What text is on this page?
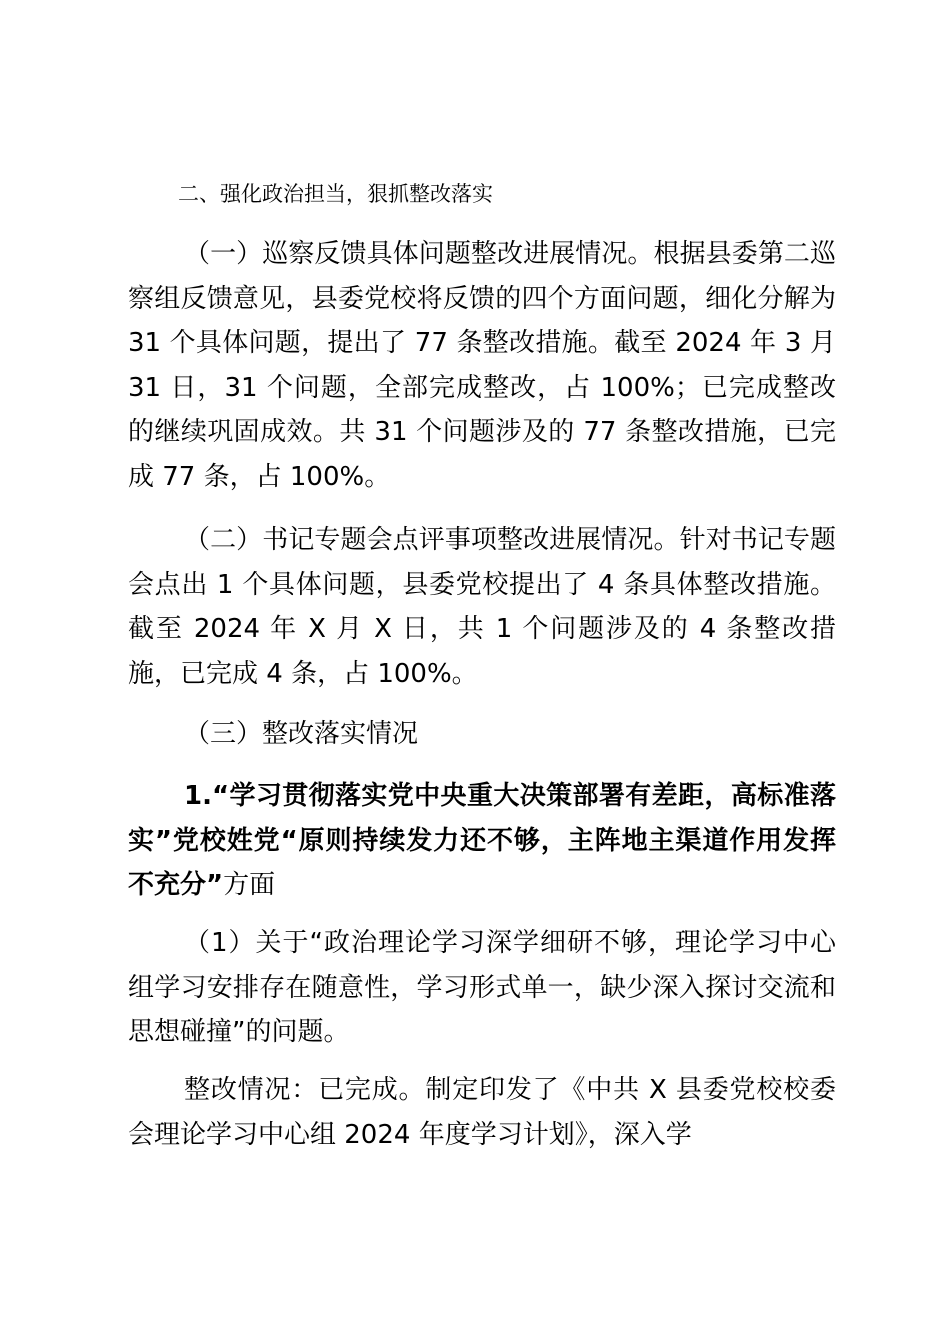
二、强化政治担当，狠抓整改落实
（一）巡察反馈具体问题整改进展情况。根据县委第二巡察组反馈意见，县委党校将反馈的四个方面问题，细化分解为 31 个具体问题，提出了 77 条整改措施。截至 2024 年 3 月 31 日，31 个问题，全部完成整改，占 100%；已完成整改的继续巩固成效。共 31 个问题涉及的 77 条整改措施，已完成 77 条，占 100%。
（二）书记专题会点评事项整改进展情况。针对书记专题会点出 1 个具体问题，县委党校提出了 4 条具体整改措施。截至 2024 年 X 月 X 日，共 1 个问题涉及的 4 条整改措施，已完成 4 条，占 100%。
（三）整改落实情况
1.“学习贯彻落实党中央重大决策部署有差距，高标准落实”党校姓党“原则持续发力还不够，主阵地主渠道作用发挥不充分”方面
（1）关于“政治理论学习深学细研不够，理论学习中心组学习安排存在随意性，学习形式单一，缺少深入探讨交流和思想碰撞”的问题。
整改情况：已完成。制定印发了《中共 X 县委党校校委会理论学习中心组 2024 年度学习计划》，深入学
